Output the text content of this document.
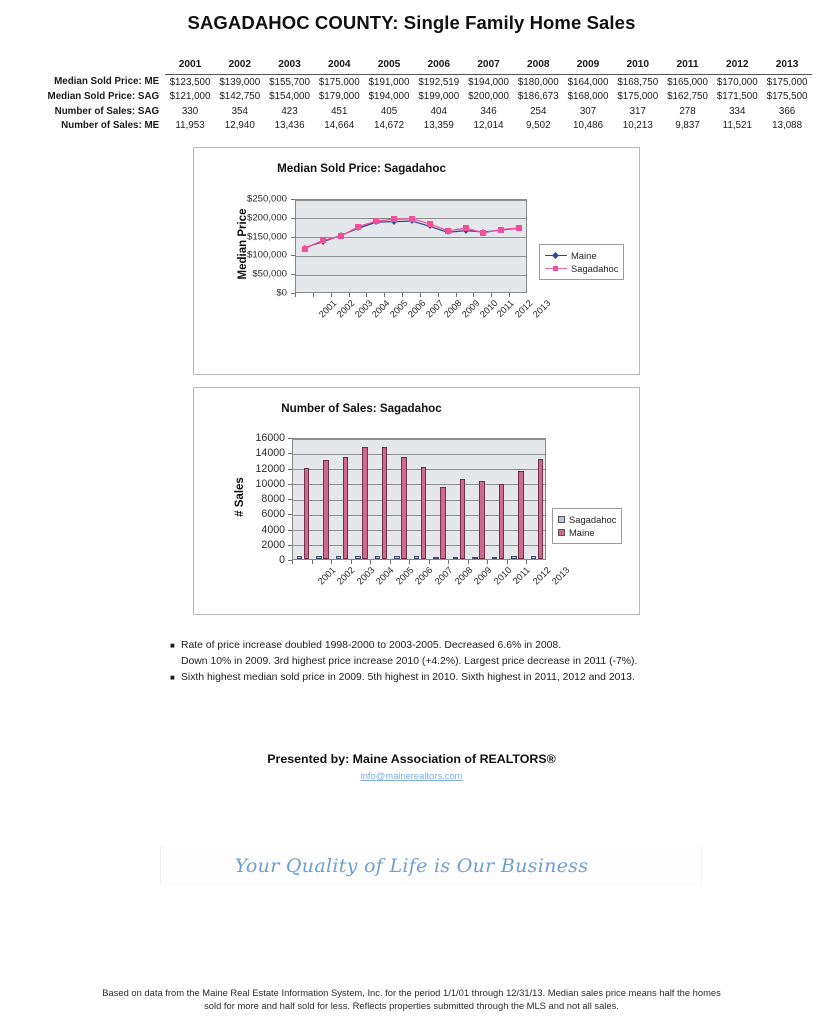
SAGADAHOC COUNTY: Single Family Home Sales
	2001	2002	2003	2004	2005	2006	2007	2008	2009	2010	2011	2012	2013
Median Sold Price: ME	$123,500	$139,000	$155,700	$175,000	$191,000	$192,519	$194,000	$180,000	$164,000	$168,750	$165,000	$170,000	$175,000
Median Sold Price: SAG	$121,000	$142,750	$154,000	$179,000	$194,000	$199,000	$200,000	$186,673	$168,000	$175,000	$162,750	$171,500	$175,500
Number of Sales: SAG	330	354	423	451	405	404	346	254	307	317	278	334	366
Number of Sales: ME	11,953	12,940	13,436	14,664	14,672	13,359	12,014	9,502	10,486	10,213	9,837	11,521	13,088
Median Sold Price: Sagadahoc
Median Price
$0
$50,000
$100,000
$150,000
$200,000
$250,000
2001
2002
2003
2004
2005
2006
2007
2008
2009
2010
2011
2012
2013
Maine
Sagadahoc
Number of Sales: Sagadahoc
# Sales
0
2000
4000
6000
8000
10000
12000
14000
16000
2001
2002
2003
2004
2005
2006
2007
2008
2009
2010
2011
2012
2013
Sagadahoc
Maine
■ Rate of price increase doubled 1998-2000 to 2003-2005. Decreased 6.6% in 2008.
Down 10% in 2009. 3rd highest price increase 2010 (+4.2%). Largest price decrease in 2011 (-7%).
■ Sixth highest median sold price in 2009. 5th highest in 2010. Sixth highest in 2011, 2012 and 2013.
Presented by: Maine Association of REALTORS®
info@mainerealtors.com
Your Quality of Life is Our Business
Based on data from the Maine Real Estate Information System, Inc. for the period 1/1/01 through 12/31/13. Median sales price means half the homes
sold for more and half sold for less. Reflects properties submitted through the MLS and not all sales.
